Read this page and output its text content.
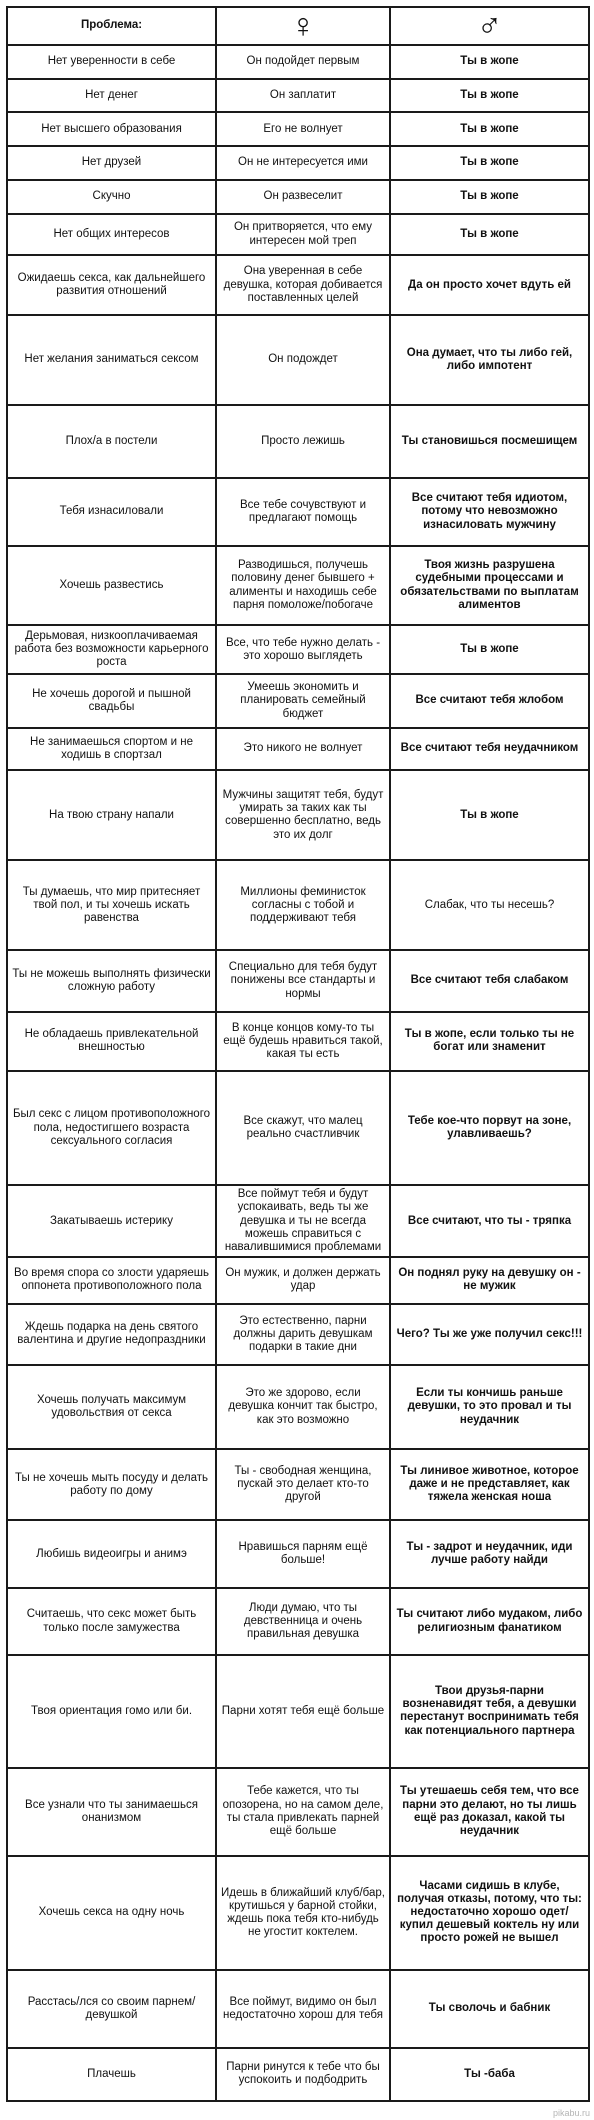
Проблема:	♀	♂
Нет уверенности в себе	Он подойдет первым	Ты в жопе
Нет денег	Он заплатит	Ты в жопе
Нет высшего образования	Его не волнует	Ты в жопе
Нет друзей	Он не интересуется ими	Ты в жопе
Скучно	Он развеселит	Ты в жопе
Нет общих интересов	Он притворяется, что ему интересен мой треп	Ты в жопе
Ожидаешь секса, как дальнейшего развития отношений	Она уверенная в себе девушка, которая добивается поставленных целей	Да он просто хочет вдуть ей
Нет желания заниматься сексом	Он подождет	Она думает, что ты либо гей, либо импотент
Плох/а в постели	Просто лежишь	Ты становишься посмешищем
Тебя изнасиловали	Все тебе сочувствуют и предлагают помощь	Все считают тебя идиотом, потому что невозможно изнасиловать мужчину
Хочешь развестись	Разводишься, получешь половину денег бывшего + алименты и находишь себе парня помоложе/побогаче	Твоя жизнь разрушена судебными процессами и обязательствами по выплатам алиментов
Дерьмовая, низкооплачиваемая работа без возможности карьерного роста	Все, что тебе нужно делать - это хорошо выглядеть	Ты в жопе
Не хочешь дорогой и пышной свадьбы	Умеешь экономить и планировать семейный бюджет	Все считают тебя жлобом
Не занимаешься спортом и не ходишь в спортзал	Это никого не волнует	Все считают тебя неудачником
На твою страну напали	Мужчины защитят тебя, будут умирать за таких как ты совершенно бесплатно, ведь это их долг	Ты в жопе
Ты думаешь, что мир притесняет твой пол, и ты хочешь искать равенства	Миллионы феминисток согласны с тобой и поддерживают тебя	Слабак, что ты несешь?
Ты не можешь выполнять физически сложную работу	Специально для тебя будут понижены все стандарты и нормы	Все считают тебя слабаком
Не обладаешь привлекательной внешностью	В конце концов кому-то ты ещё будешь нравиться такой, какая ты есть	Ты в жопе, если только ты не богат или знаменит
Был секс с лицом противоположного пола, недостигшего возраста сексуального согласия	Все скажут, что малец реально счастливчик	Тебе кое-что порвут на зоне, улавливаешь?
Закатываешь истерику	Все поймут тебя и будут успокаивать, ведь ты же девушка и ты не всегда можешь справиться с навалившимися проблемами	Все считают, что ты - тряпка
Во время спора со злости ударяешь оппонета противоположного пола	Он мужик, и должен держать удар	Он поднял руку на девушку он - не мужик
Ждешь подарка на день святого валентина и другие недопраздники	Это естественно, парни должны дарить девушкам подарки в такие дни	Чего? Ты же уже получил секс!!!
Хочешь получать максимум удовольствия от секса	Это же здорово, если девушка кончит так быстро, как это возможно	Если ты кончишь раньше девушки, то это провал и ты неудачник
Ты не хочешь мыть посуду и делать работу по дому	Ты - свободная женщина, пускай это делает кто-то другой	Ты линивое животное, которое даже и не представляет, как тяжела женская ноша
Любишь видеоигры и анимэ	Нравишься парням ещё больше!	Ты - задрот и неудачник, иди лучше работу найди
Считаешь, что секс может быть только после замужества	Люди думаю, что ты девственница и очень правильная девушка	Ты считают либо мудаком, либо религиозным фанатиком
Твоя ориентация гомо или би.	Парни хотят тебя ещё больше	Твои друзья-парни возненавидят тебя, а девушки перестанут воспринимать тебя как потенциального партнера
Все узнали что ты занимаешься онанизмом	Тебе кажется, что ты опозорена, но на самом деле, ты стала привлекать парней ещё больше	Ты утешаешь себя тем, что все парни это делают, но ты лишь ещё раз доказал, какой ты неудачник
Хочешь секса на одну ночь	Идешь в ближайший клуб/бар, крутишься у барной стойки, ждешь пока тебя кто-нибудь не угостит коктелем.	Часами сидишь в клубе, получая отказы, потому, что ты: недостаточно хорошо одет/купил дешевый коктель ну или просто рожей не вышел
Расстась/лся со своим парнем/ девушкой	Все поймут, видимо он был недостаточно хорош для тебя	Ты сволочь и бабник
Плачешь	Парни ринутся к тебе что бы успокоить и подбодрить	Ты -баба
pikabu.ru
